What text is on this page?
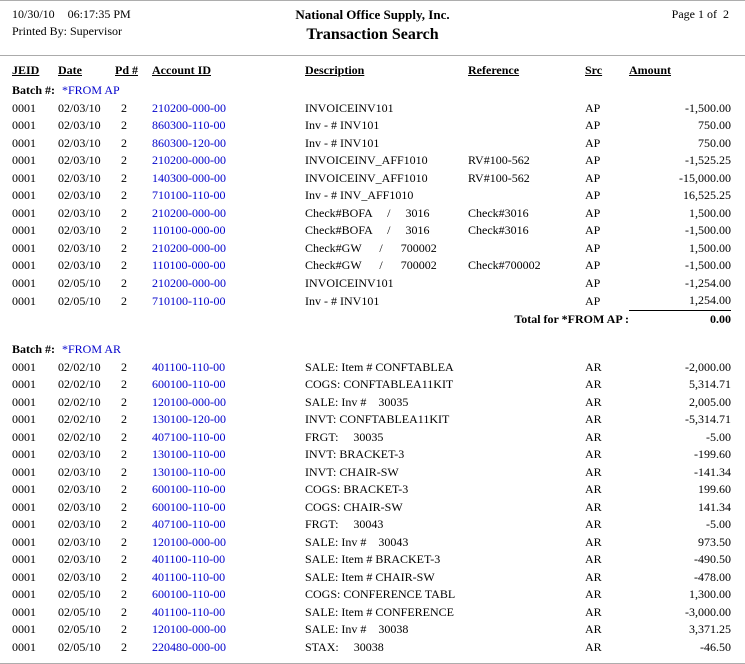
10/30/10 06:17:35 PM
Printed By: Supervisor
National Office Supply, Inc.
Transaction Search
Page 1 of  2
JEID	Date	Pd #	Account ID	Description	Reference	Src	Amount
Batch #: *FROM AP							
0001	02/03/10	2	210200-000-00	INVOICEINV101		AP	-1,500.00
0001	02/03/10	2	860300-110-00	Inv - # INV101		AP	750.00
0001	02/03/10	2	860300-120-00	Inv - # INV101		AP	750.00
0001	02/03/10	2	210200-000-00	INVOICEINV_AFF1010	RV#100-562	AP	-1,525.25
0001	02/03/10	2	140300-000-00	INVOICEINV_AFF1010	RV#100-562	AP	-15,000.00
0001	02/03/10	2	710100-110-00	Inv - # INV_AFF1010		AP	16,525.25
0001	02/03/10	2	210200-000-00	Check#BOFA     /     3016	Check#3016	AP	1,500.00
0001	02/03/10	2	110100-000-00	Check#BOFA     /     3016	Check#3016	AP	-1,500.00
0001	02/03/10	2	210200-000-00	Check#GW      /      700002		AP	1,500.00
0001	02/03/10	2	110100-000-00	Check#GW      /      700002	Check#700002	AP	-1,500.00
0001	02/05/10	2	210200-000-00	INVOICEINV101		AP	-1,254.00
0001	02/05/10	2	710100-110-00	Inv - # INV101		AP	1,254.00
Total for *FROM AP :							0.00
Batch #: *FROM AR							
0001	02/02/10	2	401100-110-00	SALE: Item # CONFTABLEA		AR	-2,000.00
0001	02/02/10	2	600100-110-00	COGS: CONFTABLEA11KIT		AR	5,314.71
0001	02/02/10	2	120100-000-00	SALE: Inv #    30035		AR	2,005.00
0001	02/02/10	2	130100-120-00	INVT: CONFTABLEA11KIT		AR	-5,314.71
0001	02/02/10	2	407100-110-00	FRGT:     30035		AR	-5.00
0001	02/03/10	2	130100-110-00	INVT: BRACKET-3		AR	-199.60
0001	02/03/10	2	130100-110-00	INVT: CHAIR-SW		AR	-141.34
0001	02/03/10	2	600100-110-00	COGS: BRACKET-3		AR	199.60
0001	02/03/10	2	600100-110-00	COGS: CHAIR-SW		AR	141.34
0001	02/03/10	2	407100-110-00	FRGT:     30043		AR	-5.00
0001	02/03/10	2	120100-000-00	SALE: Inv #    30043		AR	973.50
0001	02/03/10	2	401100-110-00	SALE: Item # BRACKET-3		AR	-490.50
0001	02/03/10	2	401100-110-00	SALE: Item # CHAIR-SW		AR	-478.00
0001	02/05/10	2	600100-110-00	COGS: CONFERENCE TABL		AR	1,300.00
0001	02/05/10	2	401100-110-00	SALE: Item # CONFERENCE		AR	-3,000.00
0001	02/05/10	2	120100-000-00	SALE: Inv #    30038		AR	3,371.25
0001	02/05/10	2	220480-000-00	STAX:     30038		AR	-46.50
